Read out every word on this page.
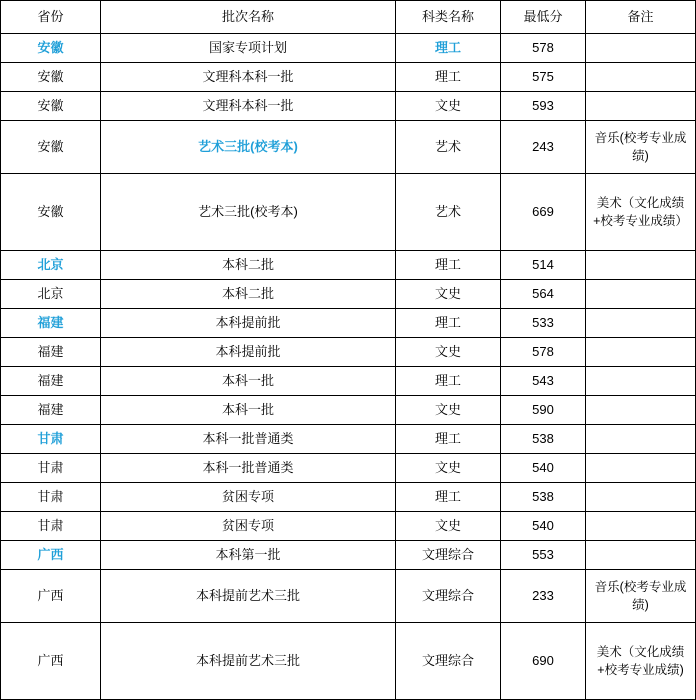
省份	批次名称	科类名称	最低分	备注
安徽	国家专项计划	理工	578	
安徽	文理科本科一批	理工	575	
安徽	文理科本科一批	文史	593	
安徽	艺术三批(校考本)	艺术	243	音乐(校考专业成绩)
安徽	艺术三批(校考本)	艺术	669	美术（文化成绩+校考专业成绩）
北京	本科二批	理工	514	
北京	本科二批	文史	564	
福建	本科提前批	理工	533	
福建	本科提前批	文史	578	
福建	本科一批	理工	543	
福建	本科一批	文史	590	
甘肃	本科一批普通类	理工	538	
甘肃	本科一批普通类	文史	540	
甘肃	贫困专项	理工	538	
甘肃	贫困专项	文史	540	
广西	本科第一批	文理综合	553	
广西	本科提前艺术三批	文理综合	233	音乐(校考专业成绩)
广西	本科提前艺术三批	文理综合	690	美术（文化成绩+校考专业成绩)
